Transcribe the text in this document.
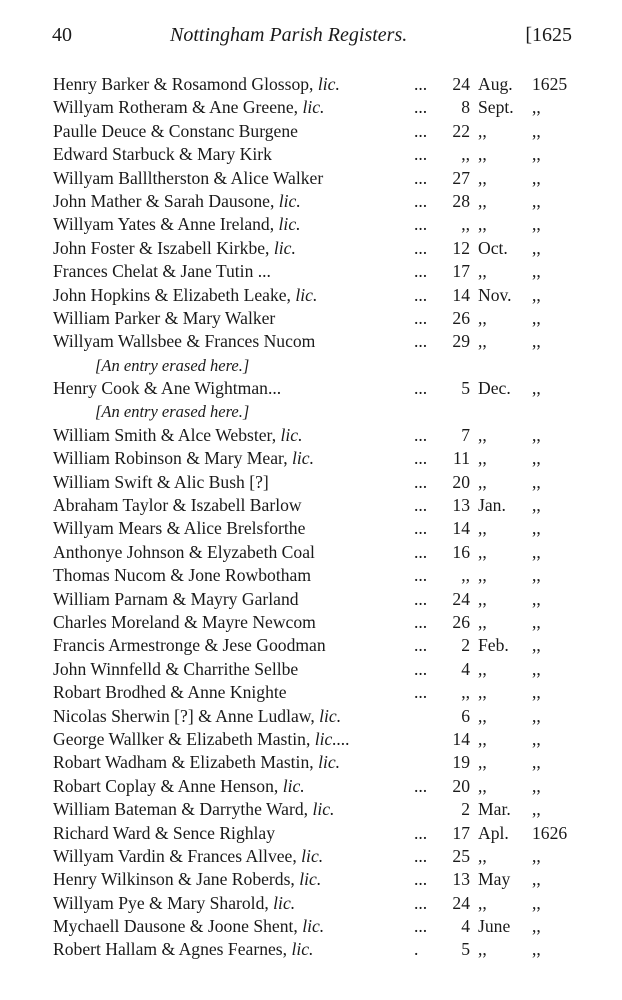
40	Nottingham Parish Registers.	[1625
Henry Barker & Rosamond Glossop, lic.	...	24 Aug.	1625
Willyam Rotheram & Ane Greene, lic.	...	8 Sept.	,,
Paulle Deuce & Constanc Burgene	...	22 ,,	,,
Edward Starbuck & Mary Kirk	...	,, ,,	,,
Willyam Ballltherston & Alice Walker	...	27 ,,	,,
John Mather & Sarah Dausone, lic.	...	28 ,,	,,
Willyam Yates & Anne Ireland, lic.	...	,, ,,	,,
John Foster & Iszabell Kirkbe, lic.	...	12 Oct.	,,
Frances Chelat & Jane Tutin ...	...	17 ,,	,,
John Hopkins & Elizabeth Leake, lic.	...	14 Nov.	,,
William Parker & Mary Walker	...	26 ,,	,,
Willyam Wallsbee & Frances Nucom	...	29 ,,	,,
[An entry erased here.]
Henry Cook & Ane Wightman...	...	5 Dec.	,,
[An entry erased here.]
William Smith & Alce Webster, lic.	...	7 ,,	,,
William Robinson & Mary Mear, lic.	...	11 ,,	,,
William Swift & Alic Bush [?]	...	20 ,,	,,
Abraham Taylor & Iszabell Barlow	...	13 Jan.	,,
Willyam Mears & Alice Brelsforthe	...	14 ,,	,,
Anthonye Johnson & Elyzabeth Coal	...	16 ,,	,,
Thomas Nucom & Jone Rowbotham	...	,, ,,	,,
William Parnam & Mayry Garland	...	24 ,,	,,
Charles Moreland & Mayre Newcom	...	26 ,,	,,
Francis Armestronge & Jese Goodman	...	2 Feb.	,,
John Winnfelld & Charrithe Sellbe	...	4 ,,	,,
Robart Brodhed & Anne Knighte	...	,, ,,	,,
Nicolas Sherwin [?] & Anne Ludlaw, lic.	6 ,,	,,
George Wallker & Elizabeth Mastin, lic....	14 ,,	,,
Robart Wadham & Elizabeth Mastin, lic.	19 ,,	,,
Robart Coplay & Anne Henson, lic.	...	20 ,,	,,
William Bateman & Darrythe Ward, lic.	2 Mar.	,,
Richard Ward & Sence Righlay	...	17 Apl.	1626
Willyam Vardin & Frances Allvee, lic.	...	25 ,,	,,
Henry Wilkinson & Jane Roberds, lic.	...	13 May	,,
Willyam Pye & Mary Sharold, lic.	...	24 ,,	,,
Mychaell Dausone & Joone Shent, lic.	...	4 June	,,
Robert Hallam & Agnes Fearnes, lic.	.	5 ,,	,,
